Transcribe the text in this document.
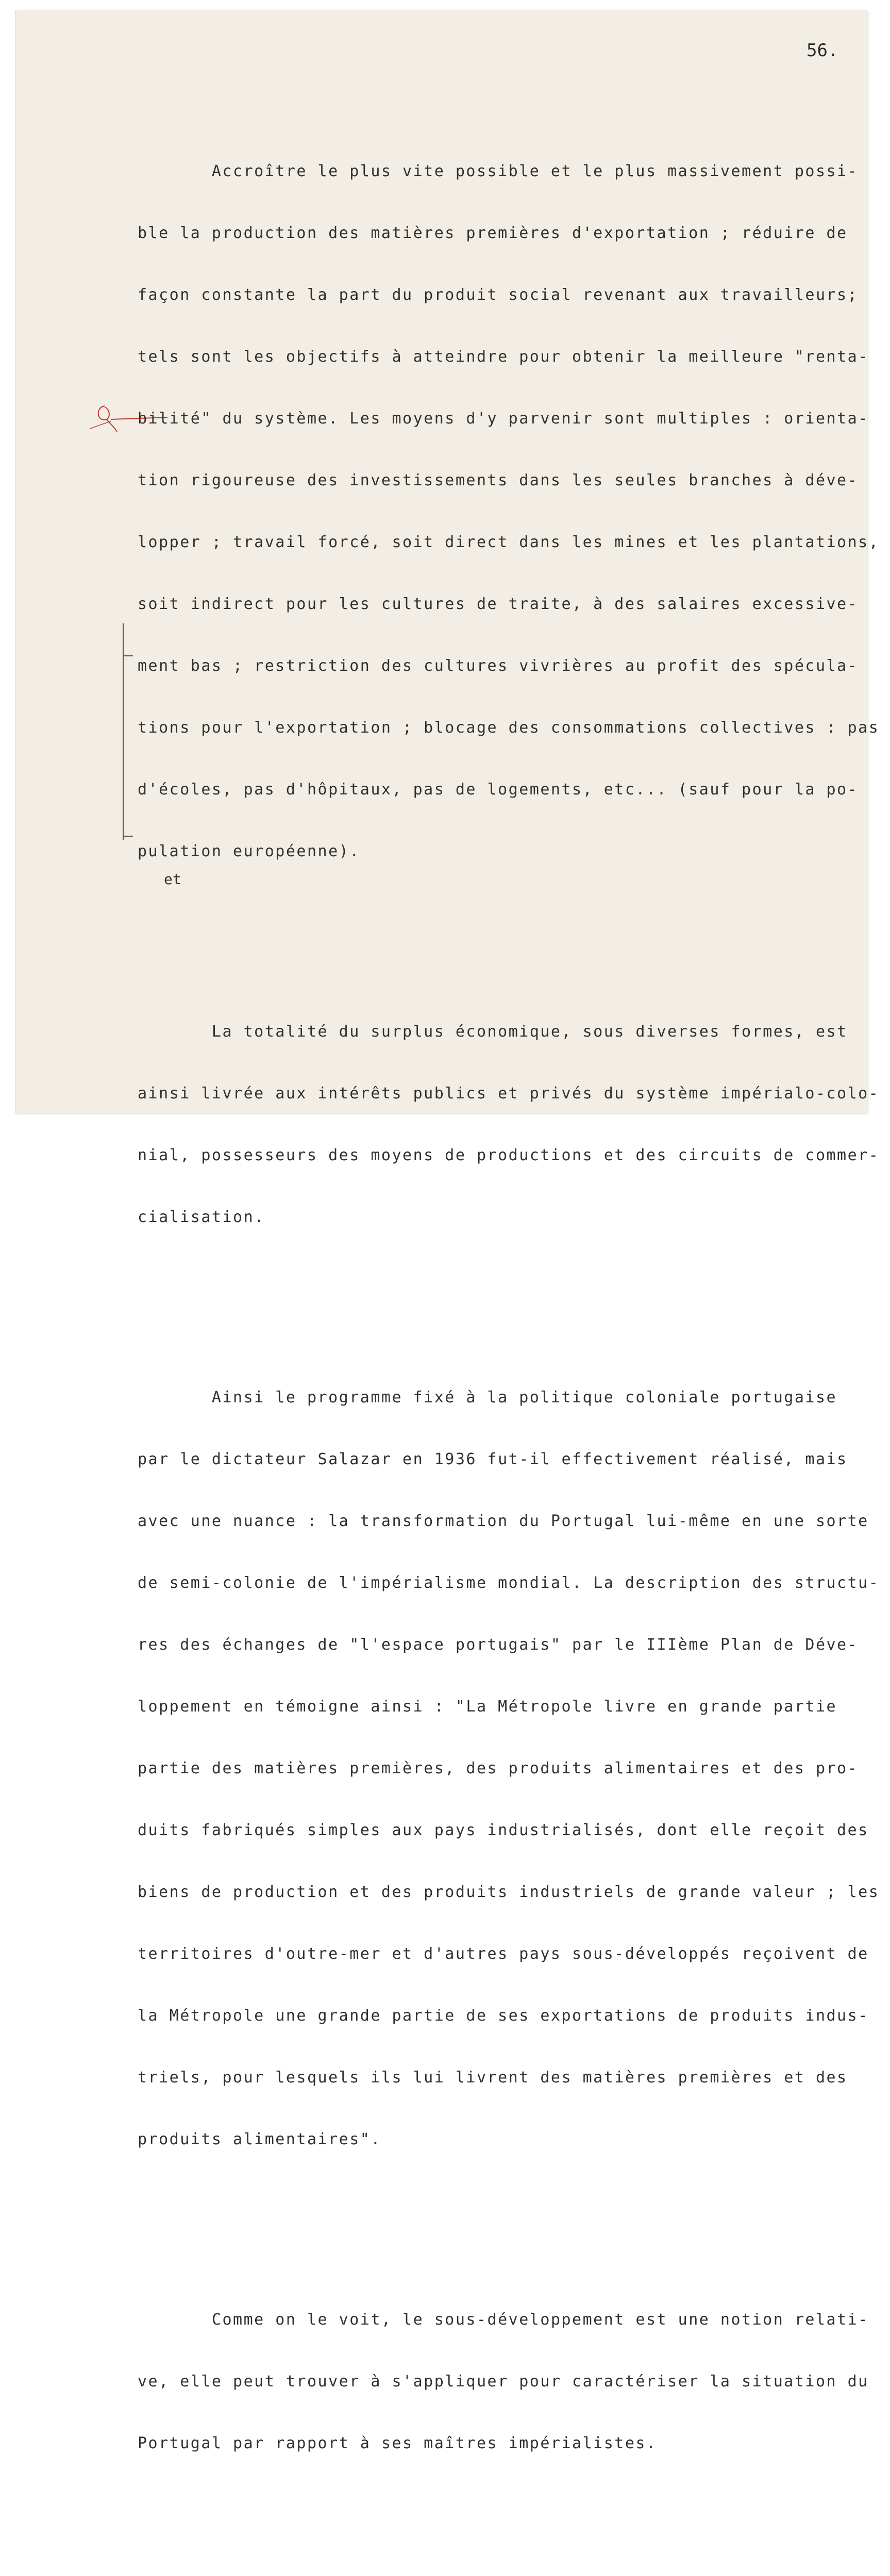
56.
et

Accroître le plus vite possible et le plus massivement possi-

ble la production des matières premières d'exportation ; réduire de

façon constante la part du produit social revenant aux travailleurs;

tels sont les objectifs à atteindre pour obtenir la meilleure "renta-

bilité" du système. Les moyens d'y parvenir sont multiples : orienta-

tion rigoureuse des investissements dans les seules branches à déve-

lopper ; travail forcé, soit direct dans les mines et les plantations,

soit indirect pour les cultures de traite, à des salaires excessive-

ment bas ; restriction des cultures vivrières au profit des spécula-

tions pour l'exportation ; blocage des consommations collectives : pas

d'écoles, pas d'hôpitaux, pas de logements, etc... (sauf pour la po-

pulation européenne).

La totalité du surplus économique, sous diverses formes, est

ainsi livrée aux intérêts publics et privés du système impérialo-colo-

nial, possesseurs des moyens de productions et des circuits de commer-

cialisation.

Ainsi le programme fixé à la politique coloniale portugaise

par le dictateur Salazar en 1936 fut-il effectivement réalisé, mais

avec une nuance : la transformation du Portugal lui-même en une sorte

de semi-colonie de l'impérialisme mondial. La description des structu-

res des échanges de "l'espace portugais" par le IIIème Plan de Déve-

loppement en témoigne ainsi : "La Métropole livre en grande partie

partie des matières premières, des produits alimentaires et des pro-

duits fabriqués simples aux pays industrialisés, dont elle reçoit des

biens de production et des produits industriels de grande valeur ; les

territoires d'outre-mer et d'autres pays sous-développés reçoivent de

la Métropole une grande partie de ses exportations de produits indus-

triels, pour lesquels ils lui livrent des matières premières et des

produits alimentaires".

Comme on le voit, le sous-développement est une notion relati-

ve, elle peut trouver à s'appliquer pour caractériser la situation du

Portugal par rapport à ses maîtres impérialistes.
